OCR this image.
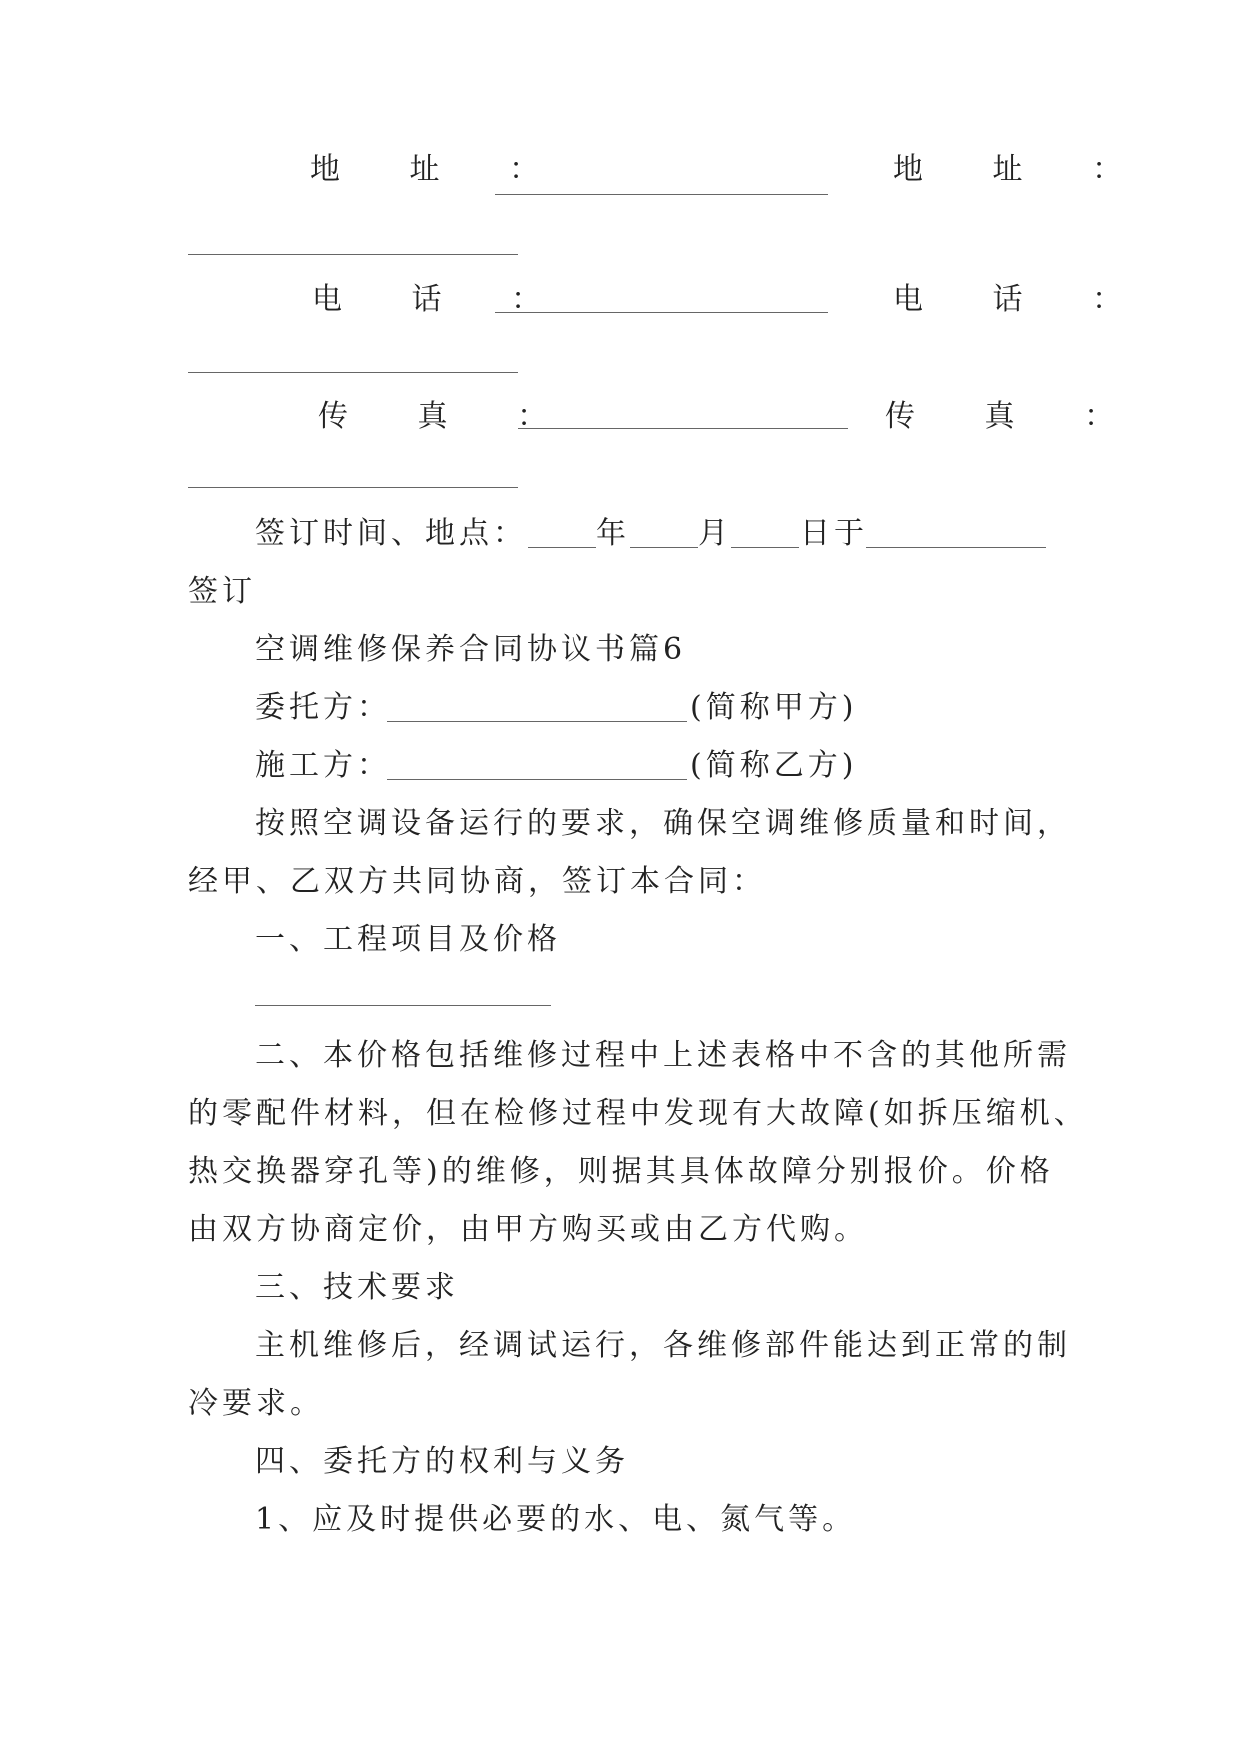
地 址 ：	地 址 ：
电 话 ：	电 话 ：
传 真 ：	传 真 ：
签订时间、地点： 年 月 日于
签订
空调维修保养合同协议书篇6
委托方：	(简称甲方)
施工方：	(简称乙方)
按照空调设备运行的要求，确保空调维修质量和时间，
经甲、乙双方共同协商，签订本合同：
一、工程项目及价格
二、本价格包括维修过程中上述表格中不含的其他所需
的零配件材料，但在检修过程中发现有大故障(如拆压缩机、
热交换器穿孔等)的维修，则据其具体故障分别报价。价格
由双方协商定价，由甲方购买或由乙方代购。
三、技术要求
主机维修后，经调试运行，各维修部件能达到正常的制
冷要求。
四、委托方的权利与义务
1、应及时提供必要的水、电、氮气等。
